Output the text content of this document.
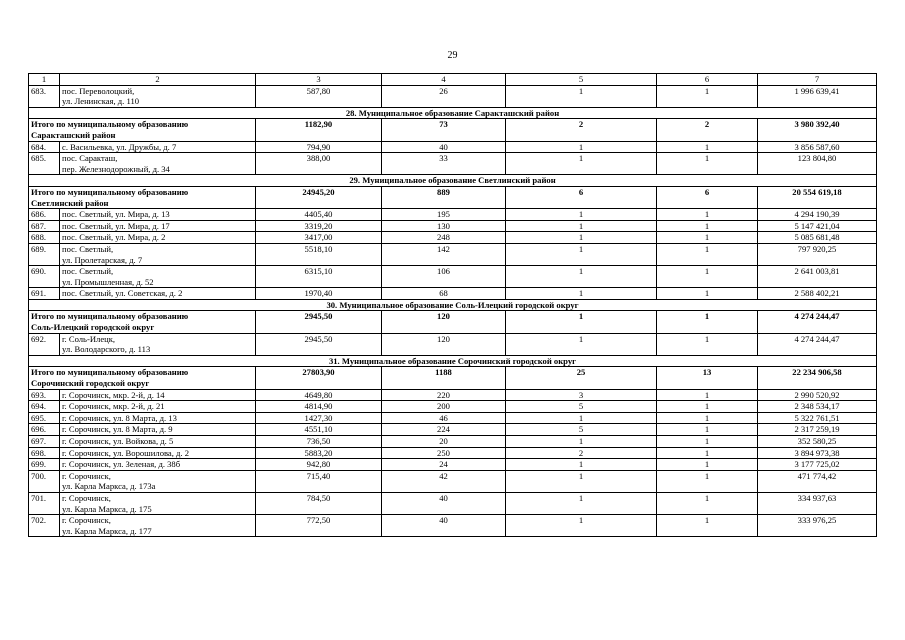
29
1	2	3	4	5	6	7
683.	пос. Переволоцкий,
ул. Ленинская, д. 110	587,80	26	1	1	1 996 639,41
28. Муниципальное образование Саракташский район						

Итого по муниципальному образованию
Саракташский район		1182,90	73	2	2	3 980 392,40
684.	с. Васильевка, ул. Дружбы, д. 7	794,90	40	1	1	3 856 587,60
685.	пос. Саракташ,
пер. Железнодорожный, д. 34	388,00	33	1	1	123 804,80
29. Муниципальное образование Светлинский район						

Итого по муниципальному образованию
Светлинский район		24945,20	889	6	6	20 554 619,18
686.	пос. Светлый, ул. Мира, д. 13	4405,40	195	1	1	4 294 190,39
687.	пос. Светлый, ул. Мира, д. 17	3319,20	130	1	1	5 147 421,04
688.	пос. Светлый, ул. Мира, д. 2	3417,00	248	1	1	5 085 681,48
689.	пос. Светлый,
ул. Пролетарская, д. 7	5518,10	142	1	1	797 920,25
690.	пос. Светлый,
ул. Промышленная, д. 52	6315,10	106	1	1	2 641 003,81
691.	пос. Светлый, ул. Советская, д. 2	1970,40	68	1	1	2 588 402,21
30. Муниципальное образование Соль-Илецкий городской округ						

Итого по муниципальному образованию
Соль-Илецкий городской округ		2945,50	120	1	1	4 274 244,47
692.	г. Соль-Илецк,
ул. Володарского, д. 113	2945,50	120	1	1	4 274 244,47
31. Муниципальное образование Сорочинский городской округ						

Итого по муниципальному образованию
Сорочинский городской округ		27803,90	1188	25	13	22 234 906,58
693.	г. Сорочинск, мкр. 2-й, д. 14	4649,80	220	3	1	2 990 520,92
694.	г. Сорочинск, мкр. 2-й, д. 21	4814,90	200	5	1	2 348 534,17
695.	г. Сорочинск, ул. 8 Марта, д. 13	1427,30	46	1	1	5 322 761,51
696.	г. Сорочинск, ул. 8 Марта, д. 9	4551,10	224	5	1	2 317 259,19
697.	г. Сорочинск, ул. Войкова, д. 5	736,50	20	1	1	352 580,25
698.	г. Сорочинск, ул. Ворошилова, д. 2	5883,20	250	2	1	3 894 973,38
699.	г. Сорочинск, ул. Зеленая, д. 38б	942,80	24	1	1	3 177 725,02
700.	г. Сорочинск,
ул. Карла Маркса, д. 173а	715,40	42	1	1	471 774,42
701.	г. Сорочинск,
ул. Карла Маркса, д. 175	784,50	40	1	1	334 937,63
702.	г. Сорочинск,
ул. Карла Маркса, д. 177	772,50	40	1	1	333 976,25
